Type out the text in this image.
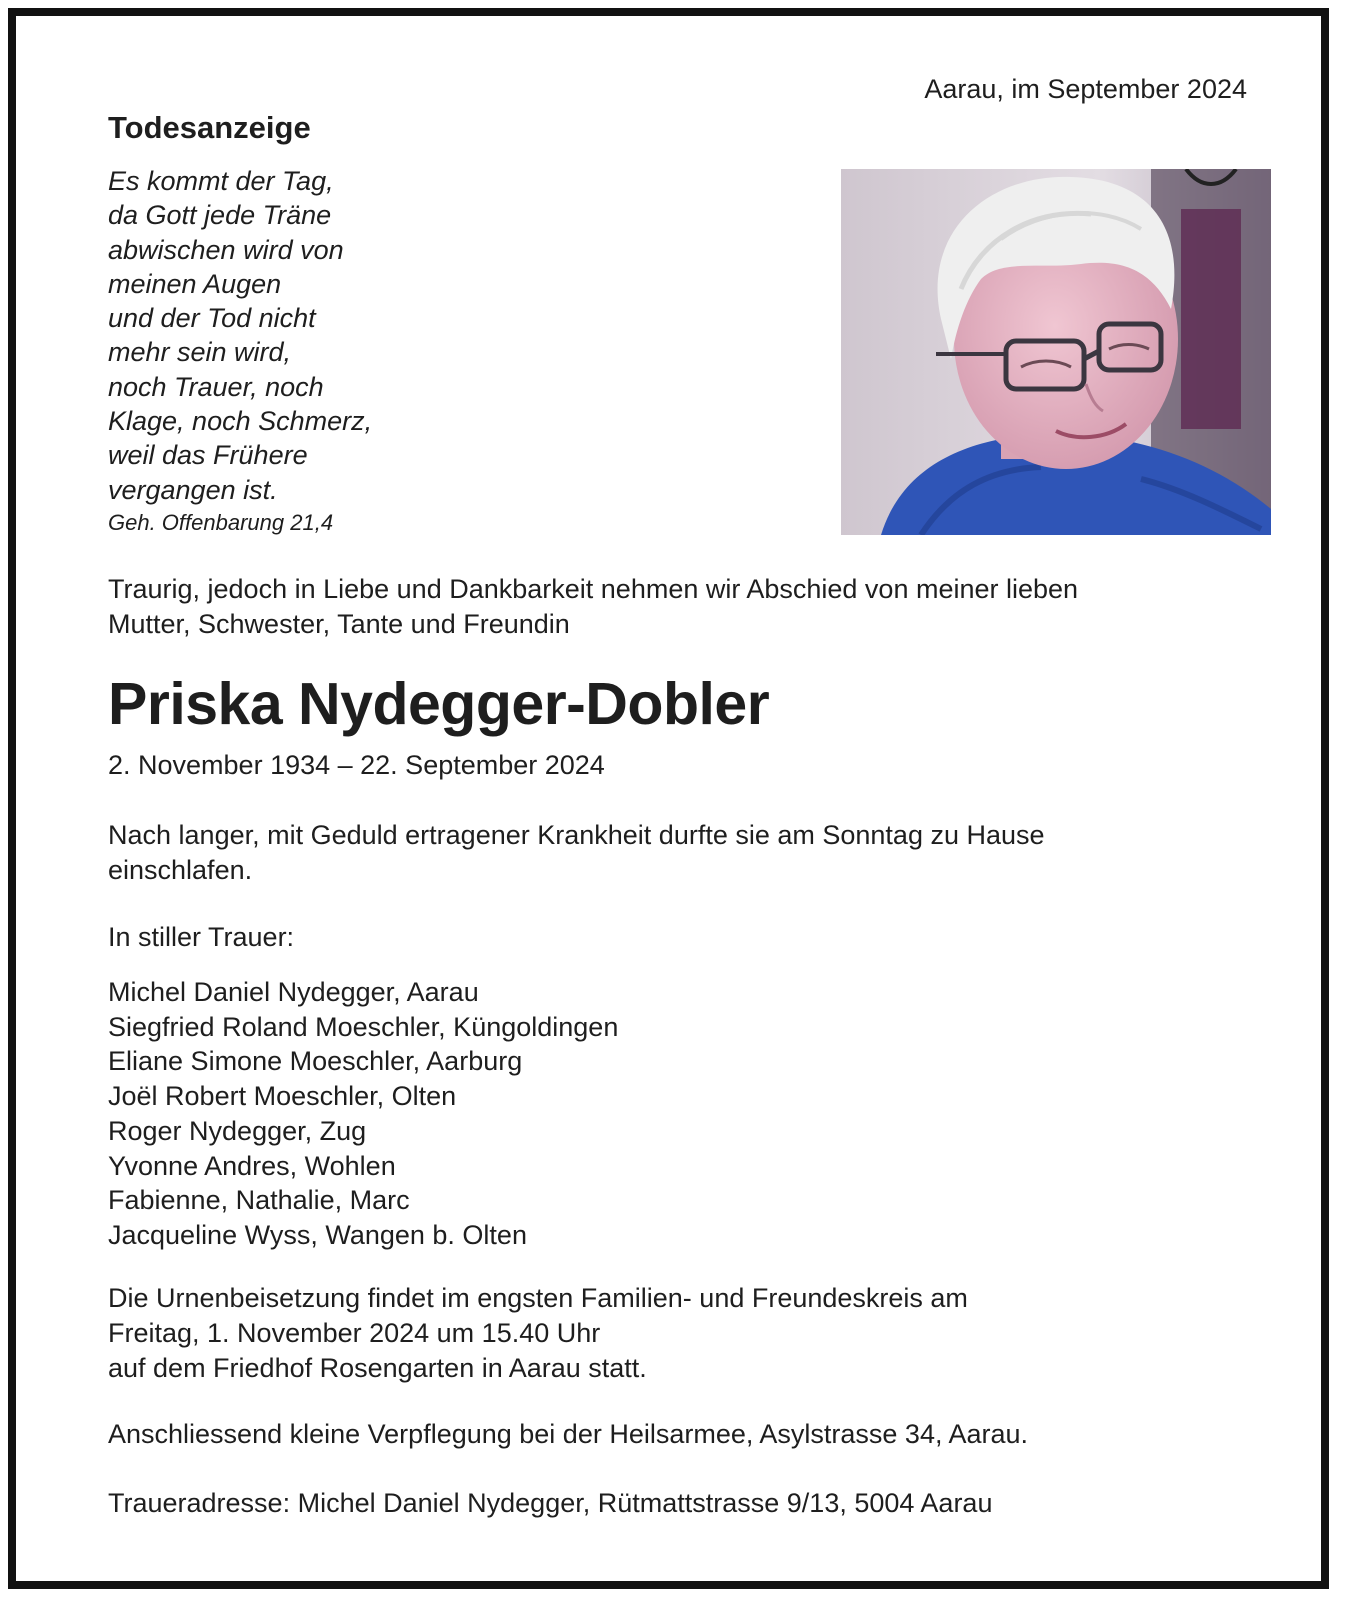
Aarau, im September 2024
Todesanzeige
Es kommt der Tag,
da Gott jede Träne
abwischen wird von
meinen Augen
und der Tod nicht
mehr sein wird,
noch Trauer, noch
Klage, noch Schmerz,
weil das Frühere
vergangen ist.
Geh. Offenbarung 21,4
Traurig, jedoch in Liebe und Dankbarkeit nehmen wir Abschied von meiner lieben
Mutter, Schwester, Tante und Freundin
Priska Nydegger-Dobler
2. November 1934 – 22. September 2024
Nach langer, mit Geduld ertragener Krankheit durfte sie am Sonntag zu Hause
einschlafen.
In stiller Trauer:
Michel Daniel Nydegger, Aarau
Siegfried Roland Moeschler, Küngoldingen
Eliane Simone Moeschler, Aarburg
Joël Robert Moeschler, Olten
Roger Nydegger, Zug
Yvonne Andres, Wohlen
Fabienne, Nathalie, Marc
Jacqueline Wyss, Wangen b. Olten
Die Urnenbeisetzung findet im engsten Familien- und Freundeskreis am
Freitag, 1. November 2024 um 15.40 Uhr
auf dem Friedhof Rosengarten in Aarau statt.
Anschliessend kleine Verpflegung bei der Heilsarmee, Asylstrasse 34, Aarau.
Traueradresse: Michel Daniel Nydegger, Rütmattstrasse 9/13, 5004 Aarau
